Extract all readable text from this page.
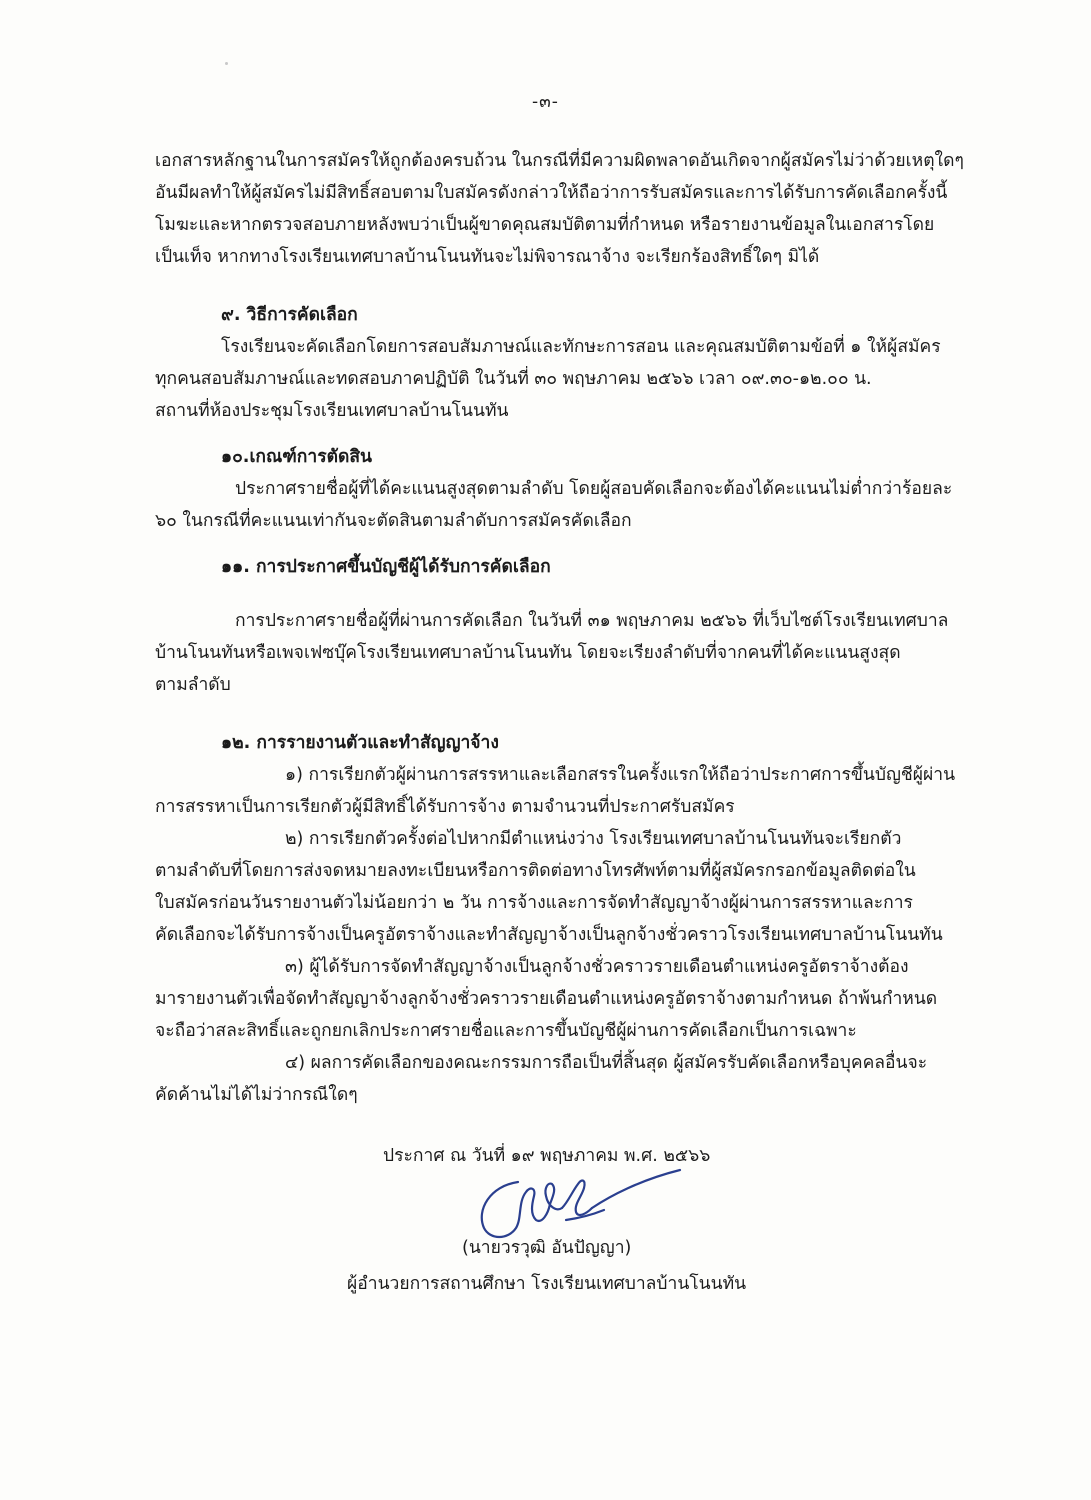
-๓-
เอกสารหลักฐานในการสมัครให้ถูกต้องครบถ้วน ในกรณีที่มีความผิดพลาดอันเกิดจากผู้สมัครไม่ว่าด้วยเหตุใดๆ
อันมีผลทำให้ผู้สมัครไม่มีสิทธิ์สอบตามใบสมัครดังกล่าวให้ถือว่าการรับสมัครและการได้รับการคัดเลือกครั้งนี้
โมฆะและหากตรวจสอบภายหลังพบว่าเป็นผู้ขาดคุณสมบัติตามที่กำหนด หรือรายงานข้อมูลในเอกสารโดย
เป็นเท็จ หากทางโรงเรียนเทศบาลบ้านโนนทันจะไม่พิจารณาจ้าง จะเรียกร้องสิทธิ์ใดๆ มิได้

๙. วิธีการคัดเลือก

โรงเรียนจะคัดเลือกโดยการสอบสัมภาษณ์และทักษะการสอน และคุณสมบัติตามข้อที่ ๑ ให้ผู้สมัคร
ทุกคนสอบสัมภาษณ์และทดสอบภาคปฏิบัติ ในวันที่ ๓๐ พฤษภาคม ๒๕๖๖ เวลา ๐๙.๓๐-๑๒.๐๐ น.
สถานที่ห้องประชุมโรงเรียนเทศบาลบ้านโนนทัน

๑๐.เกณฑ์การตัดสิน

ประกาศรายชื่อผู้ที่ได้คะแนนสูงสุดตามลำดับ โดยผู้สอบคัดเลือกจะต้องได้คะแนนไม่ต่ำกว่าร้อยละ
๖๐ ในกรณีที่คะแนนเท่ากันจะตัดสินตามลำดับการสมัครคัดเลือก

๑๑. การประกาศขึ้นบัญชีผู้ได้รับการคัดเลือก

การประกาศรายชื่อผู้ที่ผ่านการคัดเลือก ในวันที่ ๓๑ พฤษภาคม ๒๕๖๖ ที่เว็บไซต์โรงเรียนเทศบาล
บ้านโนนทันหรือเพจเฟซบุ๊คโรงเรียนเทศบาลบ้านโนนทัน โดยจะเรียงลำดับที่จากคนที่ได้คะแนนสูงสุด
ตามลำดับ

๑๒. การรายงานตัวและทำสัญญาจ้าง

๑) การเรียกตัวผู้ผ่านการสรรหาและเลือกสรรในครั้งแรกให้ถือว่าประกาศการขึ้นบัญชีผู้ผ่าน
การสรรหาเป็นการเรียกตัวผู้มีสิทธิ์ได้รับการจ้าง ตามจำนวนที่ประกาศรับสมัคร
๒) การเรียกตัวครั้งต่อไปหากมีตำแหน่งว่าง โรงเรียนเทศบาลบ้านโนนทันจะเรียกตัว
ตามลำดับที่โดยการส่งจดหมายลงทะเบียนหรือการติดต่อทางโทรศัพท์ตามที่ผู้สมัครกรอกข้อมูลติดต่อใน
ใบสมัครก่อนวันรายงานตัวไม่น้อยกว่า ๒ วัน การจ้างและการจัดทำสัญญาจ้างผู้ผ่านการสรรหาและการ
คัดเลือกจะได้รับการจ้างเป็นครูอัตราจ้างและทำสัญญาจ้างเป็นลูกจ้างชั่วคราวโรงเรียนเทศบาลบ้านโนนทัน
๓) ผู้ได้รับการจัดทำสัญญาจ้างเป็นลูกจ้างชั่วคราวรายเดือนตำแหน่งครูอัตราจ้างต้อง
มารายงานตัวเพื่อจัดทำสัญญาจ้างลูกจ้างชั่วคราวรายเดือนตำแหน่งครูอัตราจ้างตามกำหนด ถ้าพ้นกำหนด
จะถือว่าสละสิทธิ์และถูกยกเลิกประกาศรายชื่อและการขึ้นบัญชีผู้ผ่านการคัดเลือกเป็นการเฉพาะ
๔) ผลการคัดเลือกของคณะกรรมการถือเป็นที่สิ้นสุด ผู้สมัครรับคัดเลือกหรือบุคคลอื่นจะ
คัดค้านไม่ได้ไม่ว่ากรณีใดๆ
ประกาศ ณ วันที่ ๑๙ พฤษภาคม พ.ศ. ๒๕๖๖
(นายวรวุฒิ อันปัญญา)
ผู้อำนวยการสถานศึกษา โรงเรียนเทศบาลบ้านโนนทัน
